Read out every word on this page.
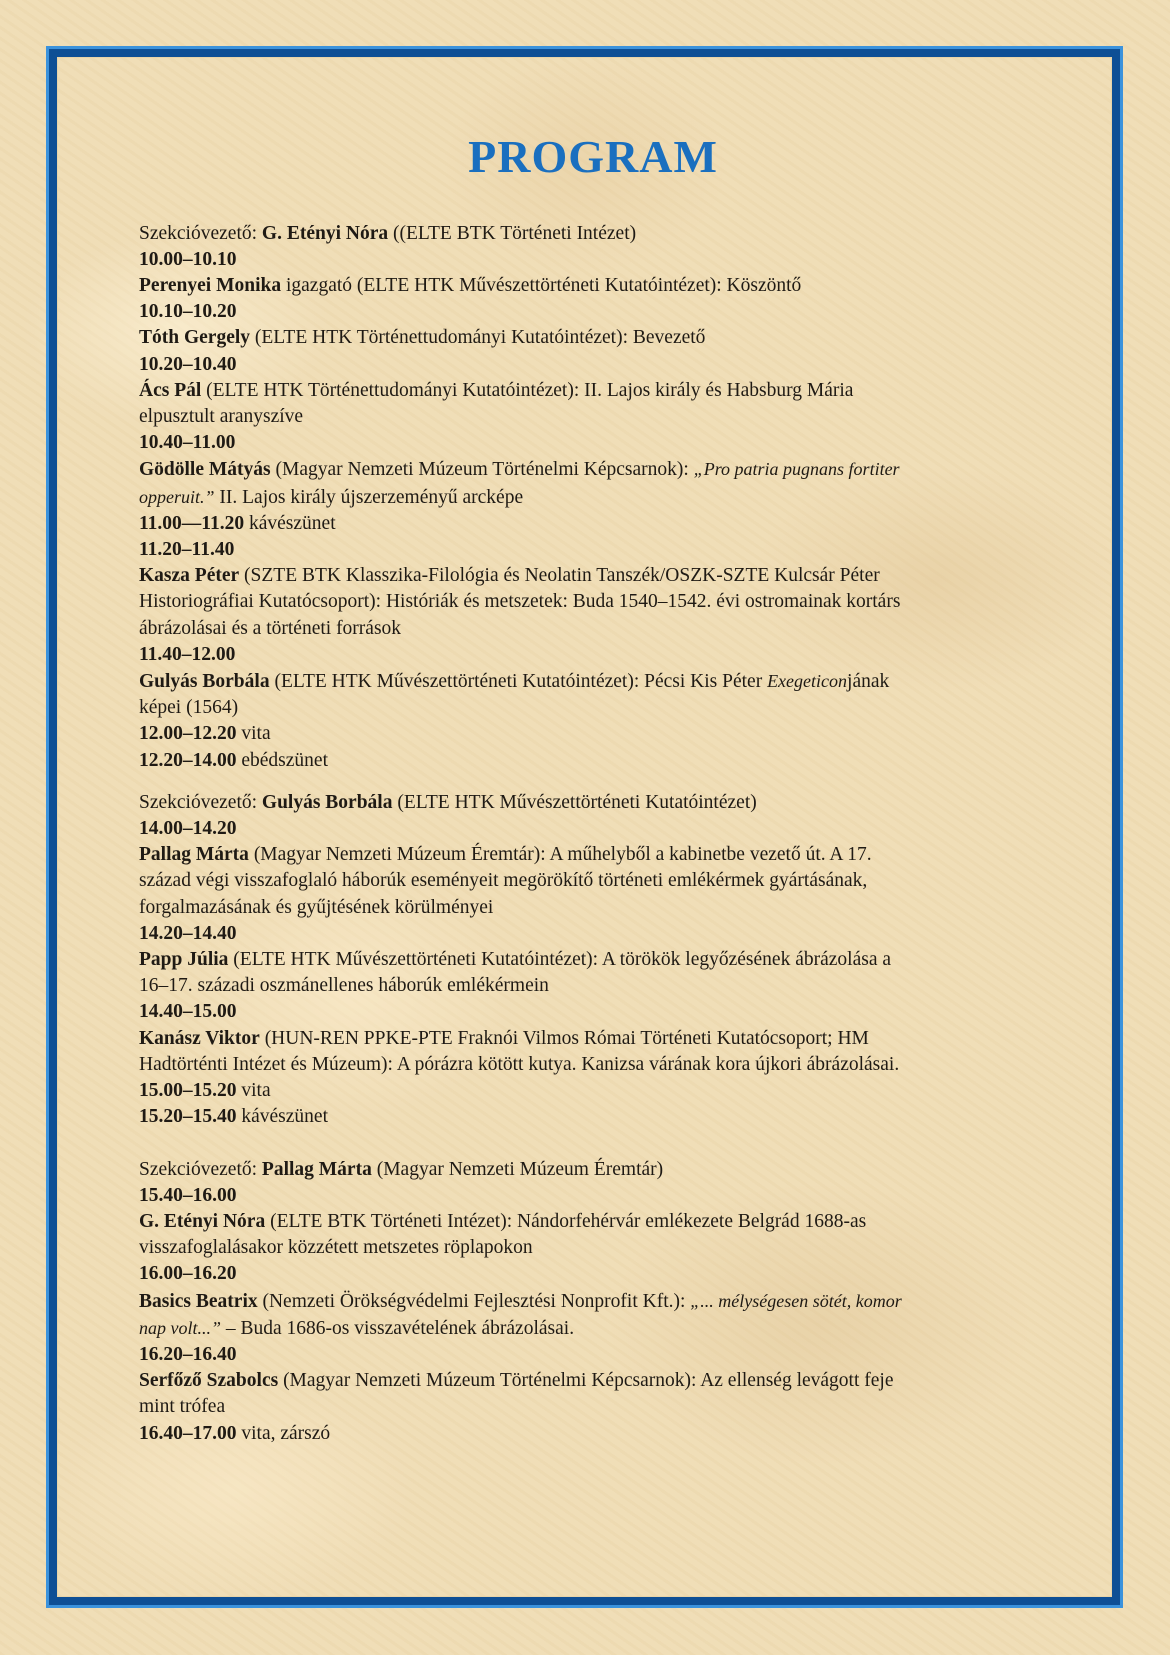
PROGRAM

Szekcióvezető: G. Etényi Nóra ((ELTE BTK Történeti Intézet)

10.00–10.10

Perenyei Monika igazgató (ELTE HTK Művészettörténeti Kutatóintézet): Köszöntő

10.10–10.20

Tóth Gergely (ELTE HTK Történettudományi Kutatóintézet): Bevezető

10.20–10.40

Ács Pál (ELTE HTK Történettudományi Kutatóintézet): II. Lajos király és Habsburg Mária

elpusztult aranyszíve

10.40–11.00

Gödölle Mátyás (Magyar Nemzeti Múzeum Történelmi Képcsarnok): „Pro patria pugnans fortiter

opperuit.” II. Lajos király újszerzeményű arcképe

11.00—11.20 kávészünet

11.20–11.40

Kasza Péter (SZTE BTK Klasszika-Filológia és Neolatin Tanszék/OSZK-SZTE Kulcsár Péter

Historiográfiai Kutatócsoport): Históriák és metszetek: Buda 1540–1542. évi ostromainak kortárs

ábrázolásai és a történeti források

11.40–12.00

Gulyás Borbála (ELTE HTK Művészettörténeti Kutatóintézet): Pécsi Kis Péter Exegeticonjának

képei (1564)

12.00–12.20 vita

12.20–14.00 ebédszünet

Szekcióvezető: Gulyás Borbála (ELTE HTK Művészettörténeti Kutatóintézet)

14.00–14.20

Pallag Márta (Magyar Nemzeti Múzeum Éremtár): A műhelyből a kabinetbe vezető út. A 17.

század végi visszafoglaló háborúk eseményeit megörökítő történeti emlékérmek gyártásának,

forgalmazásának és gyűjtésének körülményei

14.20–14.40

Papp Júlia (ELTE HTK Művészettörténeti Kutatóintézet): A törökök legyőzésének ábrázolása a

16–17. századi oszmánellenes háborúk emlékérmein

14.40–15.00

Kanász Viktor (HUN-REN PPKE-PTE Fraknói Vilmos Római Történeti Kutatócsoport; HM

Hadtörténti Intézet és Múzeum): A pórázra kötött kutya. Kanizsa várának kora újkori ábrázolásai.

15.00–15.20 vita

15.20–15.40 kávészünet

Szekcióvezető: Pallag Márta (Magyar Nemzeti Múzeum Éremtár)

15.40–16.00

G. Etényi Nóra (ELTE BTK Történeti Intézet): Nándorfehérvár emlékezete Belgrád 1688-as

visszafoglalásakor közzétett metszetes röplapokon

16.00–16.20

Basics Beatrix (Nemzeti Örökségvédelmi Fejlesztési Nonprofit Kft.): „... mélységesen sötét, komor

nap volt...” – Buda 1686-os visszavételének ábrázolásai.

16.20–16.40

Serfőző Szabolcs (Magyar Nemzeti Múzeum Történelmi Képcsarnok): Az ellenség levágott feje

mint trófea

16.40–17.00 vita, zárszó
